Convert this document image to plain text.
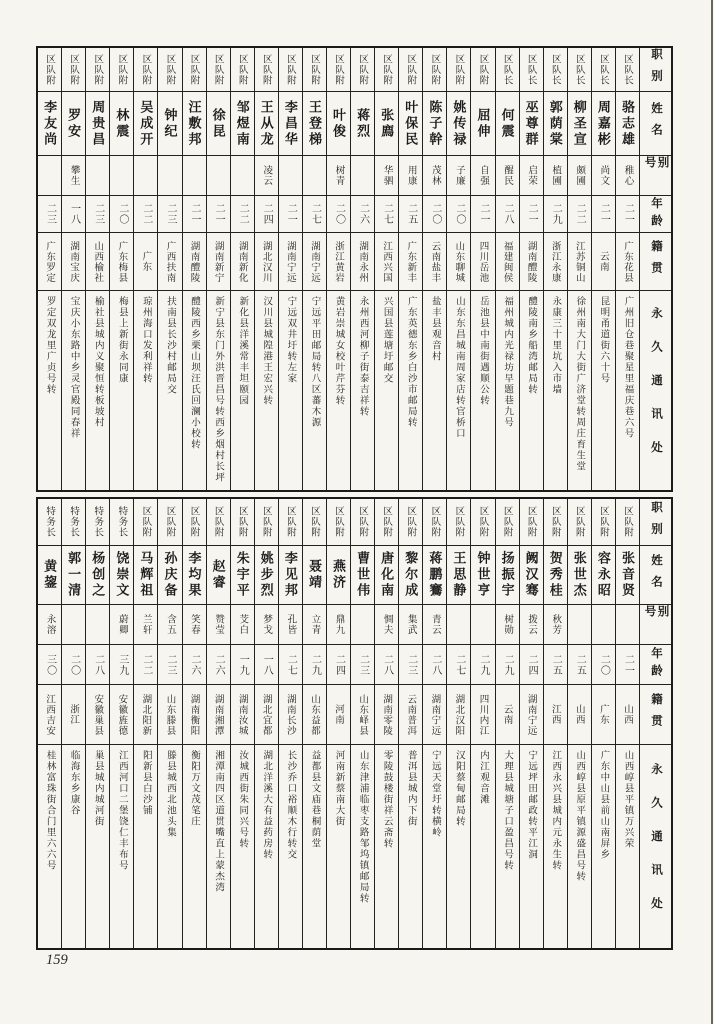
职别
姓名
别号
年龄
籍贯
永久通讯处
区队长
骆志雄
稚心
二一
广东花县
广州旧仓巷聚星里福庆巷六号
区队长
周嘉彬
尚文
二一
云南
昆明甬道街六十号
区队长
柳圣宣
颇圃
二二
江苏铜山
徐州南大门大街广济堂转周庄育生堂
区队长
郭荫棠
植圃
二九
浙江永康
永康三十里坑入市墙
区队长
巫尊群
启荣
二一
湖南醴陵
醴陵南乡船湾邮局转
区队长
何震
醒民
二八
福建闽侯
福州城内光禄坊早题巷九号
区队附
屈伸
自强
二一
四川岳池
岳池县中南街遇顺公转
区队附
姚传禄
子廉
二〇
山东聊城
山东东昌城南周家店转官桥口
区队附
陈子幹
茂林
二〇
云南盐丰
盐丰县观音村
区队附
叶保民
用康
二五
广东新丰
广东英德东乡白沙市邮局转
区队附
张廌
华驷
二七
江西兴国
兴国县莲塘圩邮交
区队附
蒋烈
二六
湖南永州
永州西河柳子街泰吉祥转
区队附
叶俊
树青
二〇
浙江黄岩
黄岩崇城女校叶芹芬转
区队附
王登梯
二七
湖南宁远
宁远平田邮局转八区蕃木源
区队附
李昌华
二一
湖南宁远
宁远双井圩转左家
区队附
王从龙
凌云
二四
湖北汉川
汉川县城隍港王宏兴转
区队附
邹煜南
二二
湖南新化
新化县洋溪常丰坦颐园
区队附
徐昆
二一
湖南新宁
新宁县东门外洪晋昌号转西乡烟村长坪
区队附
汪敷邦
二一
湖南醴陵
醴陵西乡栗山坝汪氏回澜小校转
区队附
钟纪
二三
广西扶南
扶南县长沙村邮局交
区队附
吴成开
二二
广东
琼州海口发利祥转
区队附
林震
二〇
广东梅县
梅县上新街永同康
区队附
周贵昌
二三
山西榆社
榆社县城内义聚恒转板坡村
区队附
罗安
攀生
一八
湖南宝庆
宝庆小东路中乡灵官殿同春祥
区队附
李友尚
二三
广东罗定
罗定双龙里广贞号转
职别
姓名
别号
年龄
籍贯
永久通讯处
区队附
张音贤
二一
山西
山西崞县平镇万兴荣
区队附
容永昭
二〇
广东
广东中山县前山南屏乡
区队附
张世杰
二五
山西
山西崞县原平镇源盛昌号转
区队附
贺秀桂
秋芳
二五
江西
江西永兴县城内元永生转
区队附
阙汉骞
拨云
二四
湖南宁远
宁远坪田邮政转平江洞
区队附
扬振宇
树勋
二九
云南
大理县城塘子口盈昌号转
区队附
钟世亨
二九
四川内江
内江观音滩
区队附
王思静
二七
湖北汉阳
汉阳蔡甸邮局转
区队附
蒋鹏鶱
青云
二八
湖南宁远
宁远天堂圩转横岭
区队附
黎尔成
集武
二三
云南普洱
普洱县城内下街
区队附
唐化南
惆夫
二八
湖南零陵
零陵鼓楼街祥云斋转
区队附
曹世伟
二三
山东峄县
山东津浦临枣支路邹坞镇邮局转
区队附
燕济
鼎九
二四
河南
河南新蔡南大街
区队附
聂靖
立青
二九
山东益都
益都县文庙巷桐荫堂
区队附
李见邦
孔皆
二七
湖南长沙
长沙乔口裕顺木行转交
区队附
姚步烈
梦戈
一八
湖北宜都
湖北洋溪大有益药房转
区队附
朱宇平
芠白
一九
湖南汝城
汝城西街朱同兴号转
区队附
赵睿
赞莹
二六
湖南湘潭
湘潭南四区道贯嘴直上蒙杰湾
区队附
李均果
笑春
二六
湖南衡阳
衡阳万文茂笔庄
区队附
孙庆备
含五
二三
山东滕县
滕县城西北池头集
区队附
马辉祖
兰轩
二二
湖北阳新
阳新县白沙铺
特务长
饶崇文
蔚卿
三九
安徽旌德
江西河口二堡饶仁丰布号
特务长
杨创之
二八
安徽巢县
巢县城内城河街
特务长
郭一清
二〇
浙江
临海东乡康谷
特务长
黄鋆
永溶
三〇
江西吉安
桂林富珠街合门里六六号
159
